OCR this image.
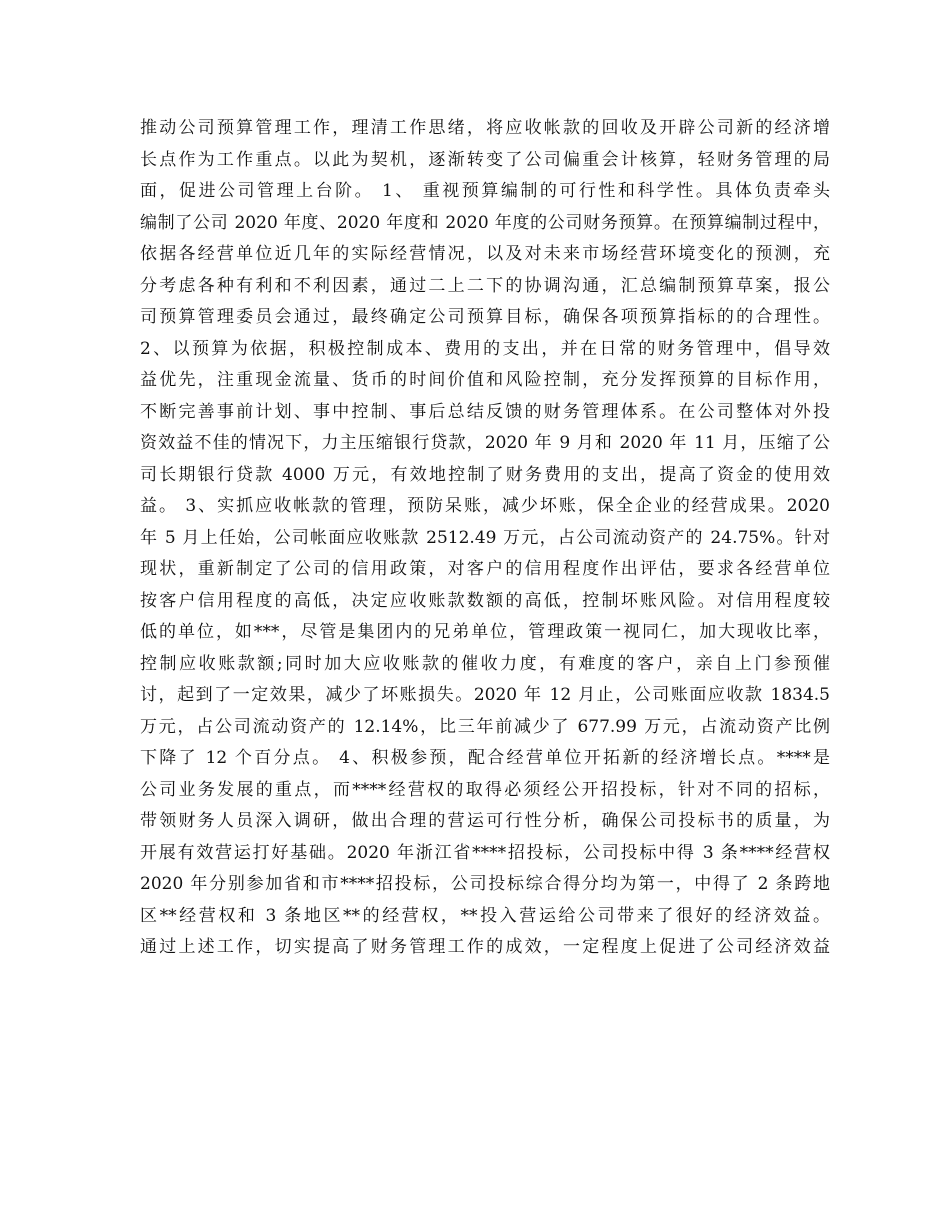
推动公司预算管理工作，理清工作思绪，将应收帐款的回收及开辟公司新的经济增
长点作为工作重点。以此为契机，逐渐转变了公司偏重会计核算，轻财务管理的局
面，促进公司管理上台阶。 1、 重视预算编制的可行性和科学性。具体负责牵头
编制了公司 2020 年度、2020 年度和 2020 年度的公司财务预算。在预算编制过程中，
依据各经营单位近几年的实际经营情况，以及对未来市场经营环境变化的预测，充
分考虑各种有利和不利因素，通过二上二下的协调沟通，汇总编制预算草案，报公
司预算管理委员会通过，最终确定公司预算目标，确保各项预算指标的的合理性。
2、以预算为依据，积极控制成本、费用的支出，并在日常的财务管理中，倡导效
益优先，注重现金流量、货币的时间价值和风险控制，充分发挥预算的目标作用，
不断完善事前计划、事中控制、事后总结反馈的财务管理体系。在公司整体对外投
资效益不佳的情况下，力主压缩银行贷款，2020 年 9 月和 2020 年 11 月，压缩了公
司长期银行贷款 4000 万元，有效地控制了财务费用的支出，提高了资金的使用效
益。 3、实抓应收帐款的管理，预防呆账，减少坏账，保全企业的经营成果。2020
年 5 月上任始，公司帐面应收账款 2512.49 万元，占公司流动资产的 24.75%。针对
现状，重新制定了公司的信用政策，对客户的信用程度作出评估，要求各经营单位
按客户信用程度的高低，决定应收账款数额的高低，控制坏账风险。对信用程度较
低的单位，如***，尽管是集团内的兄弟单位，管理政策一视同仁，加大现收比率，
控制应收账款额;同时加大应收账款的催收力度，有难度的客户，亲自上门参预催
讨，起到了一定效果，减少了坏账损失。2020 年 12 月止，公司账面应收款 1834.5
万元，占公司流动资产的 12.14%，比三年前减少了 677.99 万元，占流动资产比例
下降了 12 个百分点。 4、积极参预，配合经营单位开拓新的经济增长点。****是
公司业务发展的重点，而****经营权的取得必须经公开招投标，针对不同的招标，
带领财务人员深入调研，做出合理的营运可行性分析，确保公司投标书的质量，为
开展有效营运打好基础。2020 年浙江省****招投标，公司投标中得 3 条****经营权
2020 年分别参加省和市****招投标，公司投标综合得分均为第一，中得了 2 条跨地
区**经营权和 3 条地区**的经营权，**投入营运给公司带来了很好的经济效益。
通过上述工作，切实提高了财务管理工作的成效，一定程度上促进了公司经济效益
